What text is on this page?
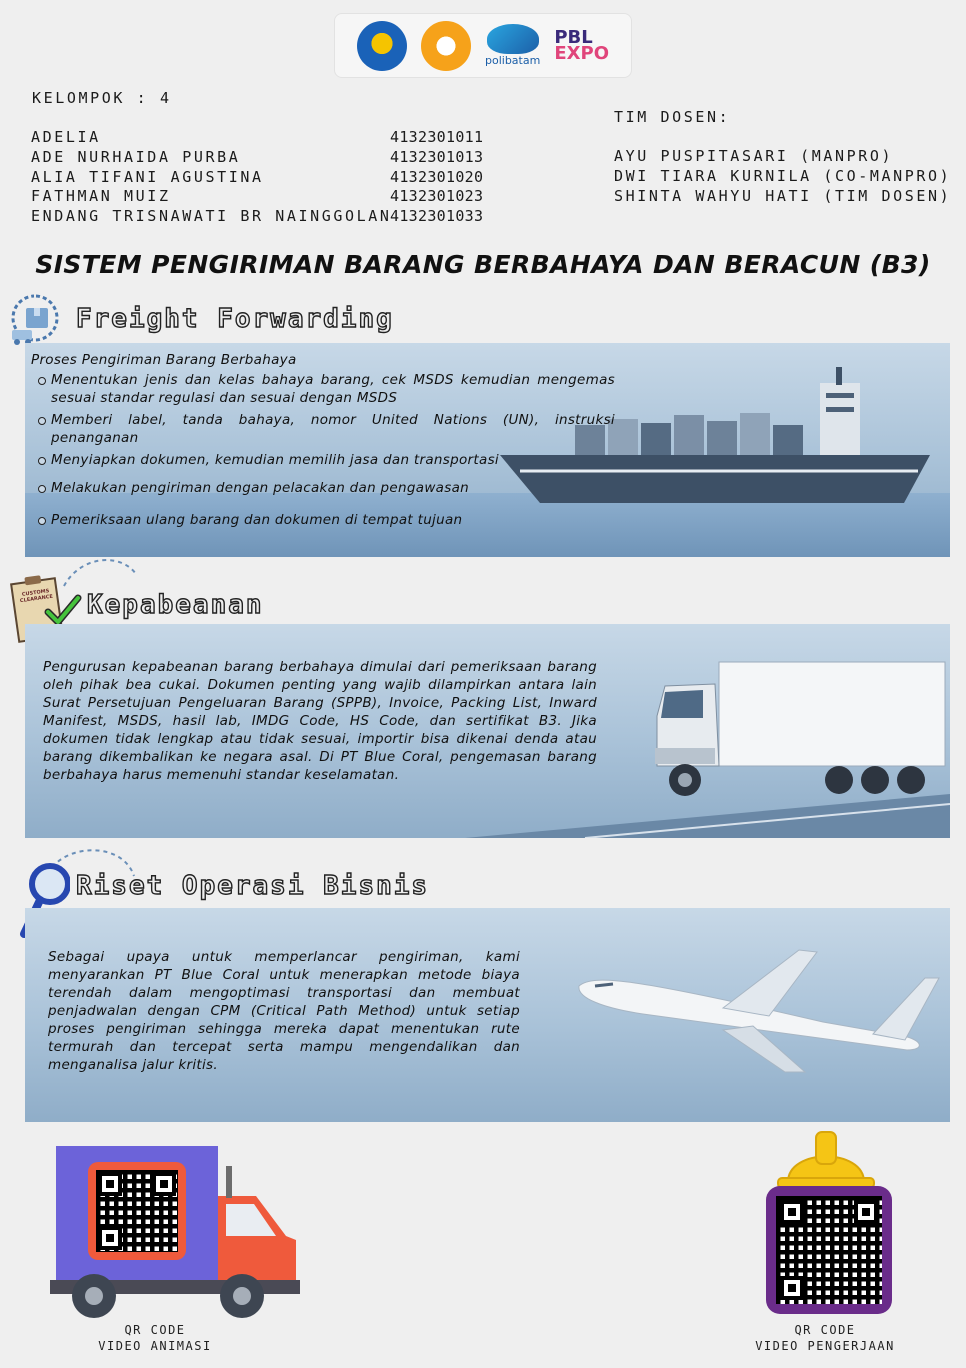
polibatam
PBL
EXPO
KELOMPOK : 4
ADELIA
ADE NURHAIDA PURBA
ALIA TIFANI AGUSTINA
FATHMAN MUIZ
ENDANG TRISNAWATI BR NAINGGOLAN
4132301011
4132301013
4132301020
4132301023
4132301033
TIM DOSEN:
AYU PUSPITASARI (MANPRO)
DWI TIARA KURNILA (CO-MANPRO)
SHINTA WAHYU HATI (TIM DOSEN)
SISTEM PENGIRIMAN BARANG BERBAHAYA DAN BERACUN (B3)
Freight Forwarding
Proses Pengiriman Barang Berbahaya
Menentukan jenis dan kelas bahaya barang, cek MSDS kemudian mengemas sesuai standar regulasi dan sesuai dengan MSDS
Memberi label, tanda bahaya, nomor United Nations (UN), instruksi penanganan
Menyiapkan dokumen, kemudian memilih jasa dan transportasi
Melakukan pengiriman dengan pelacakan dan pengawasan
Pemeriksaan ulang barang dan dokumen di tempat tujuan
CUSTOMS CLEARANCE Kepabeanan
Pengurusan kepabeanan barang berbahaya dimulai dari pemeriksaan barang oleh pihak bea cukai. Dokumen penting yang wajib dilampirkan antara lain Surat Persetujuan Pengeluaran Barang (SPPB), Invoice, Packing List, Inward Manifest, MSDS, hasil lab, IMDG Code, HS Code, dan sertifikat B3. Jika dokumen tidak lengkap atau tidak sesuai, importir bisa dikenai denda atau barang dikembalikan ke negara asal. Di PT Blue Coral, pengemasan barang berbahaya harus memenuhi standar keselamatan.
Riset Operasi Bisnis
Sebagai upaya untuk memperlancar pengiriman, kami menyarankan PT Blue Coral untuk menerapkan metode biaya terendah dalam mengoptimasi transportasi dan membuat penjadwalan dengan CPM (Critical Path Method) untuk setiap proses pengiriman sehingga mereka dapat menentukan rute termurah dan tercepat serta mampu mengendalikan dan menganalisa jalur kritis.
QR CODE
VIDEO ANIMASI
QR CODE
VIDEO PENGERJAAN
